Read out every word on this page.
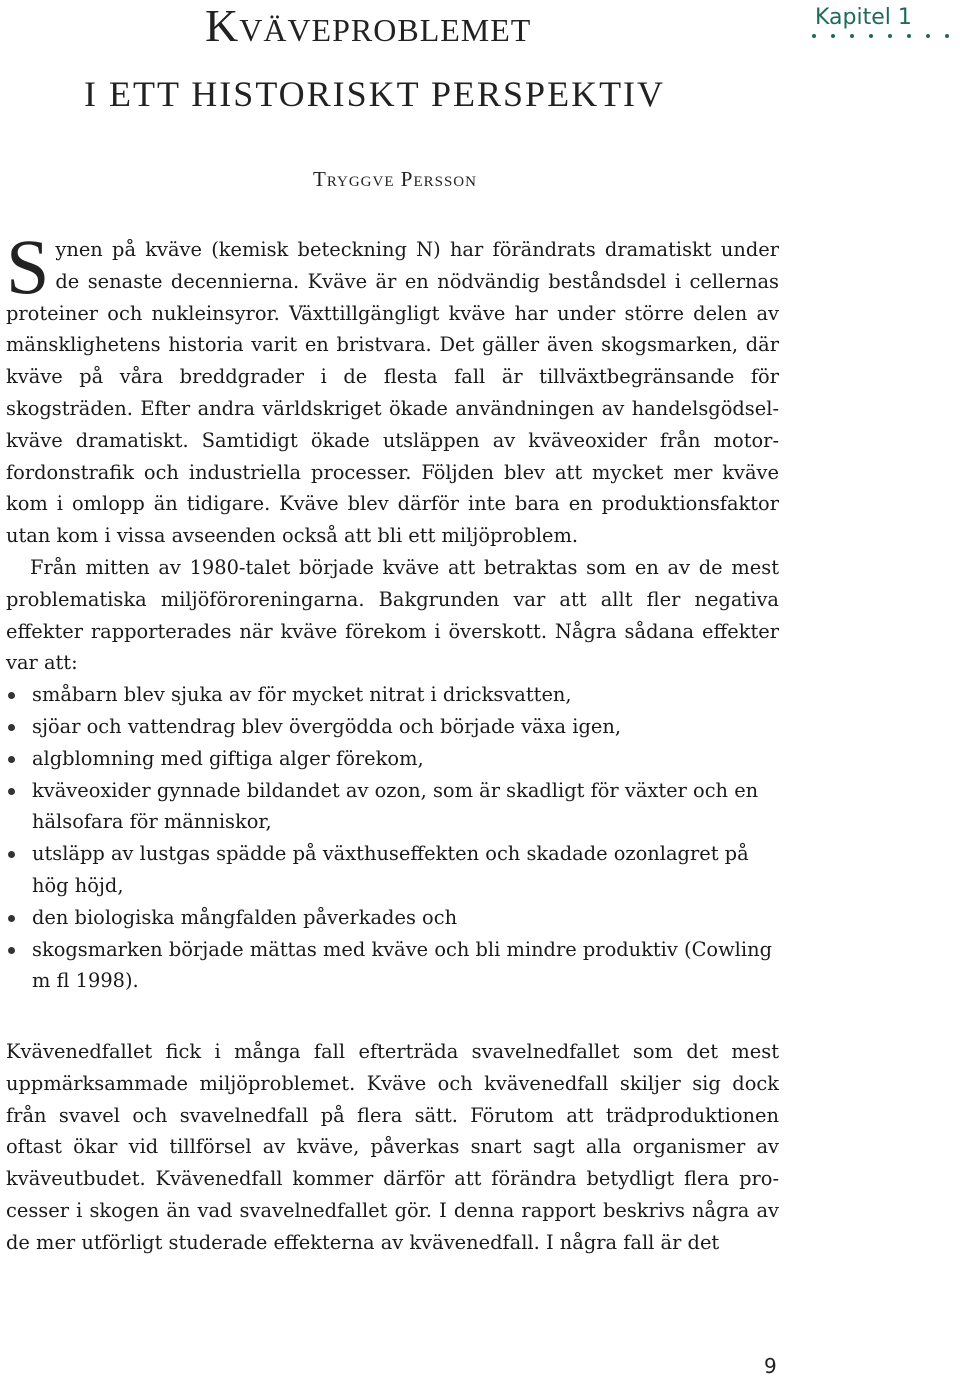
Kväveproblemet
I ETT HISTORISKT PERSPEKTIV
Kapitel 1
Tryggve Persson

Synen på kväve (kemisk beteckning N) har förändrats dramatiskt under de senaste decennierna. Kväve är en nödvändig beståndsdel i cellernas proteiner och nukleinsyror. Växttillgängligt kväve har under större delen av mänsklighetens historia varit en bristvara. Det gäller även skogsmarken, där kväve på våra breddgrader i de flesta fall är tillväxtbegränsande för skogsträden. Efter andra världskriget ökade användningen av handelsgödselkväve dramatiskt. Samtidigt ökade utsläppen av kväveoxider från motorfordonstrafik och industriella processer. Följden blev att mycket mer kväve kom i omlopp än tidigare. Kväve blev därför inte bara en produktionsfaktor utan kom i vissa avseenden också att bli ett miljöproblem.

Från mitten av 1980-talet började kväve att betraktas som en av de mest problematiska miljöföroreningarna. Bakgrunden var att allt fler negativa effekter rapporterades när kväve förekom i överskott. Några sådana effekter var att:

småbarn blev sjuka av för mycket nitrat i dricksvatten,
sjöar och vattendrag blev övergödda och började växa igen,
algblomning med giftiga alger förekom,
kväveoxider gynnade bildandet av ozon, som är skadligt för växter och en hälsofara för människor,
utsläpp av lustgas spädde på växthuseffekten och skadade ozonlagret på hög höjd,
den biologiska mångfalden påverkades och
skogsmarken började mättas med kväve och bli mindre produktiv (Cowling m fl 1998).

Kvävenedfallet fick i många fall efterträda svavelnedfallet som det mest uppmärksammade miljöproblemet. Kväve och kvävenedfall skiljer sig dock från svavel och svavelnedfall på flera sätt. Förutom att trädproduktionen oftast ökar vid tillförsel av kväve, påverkas snart sagt alla organismer av kväveutbudet. Kvävenedfall kommer därför att förändra betydligt flera processer i skogen än vad svavelnedfallet gör. I denna rapport beskrivs några av de mer utförligt studerade effekterna av kvävenedfall. I några fall är det

9
